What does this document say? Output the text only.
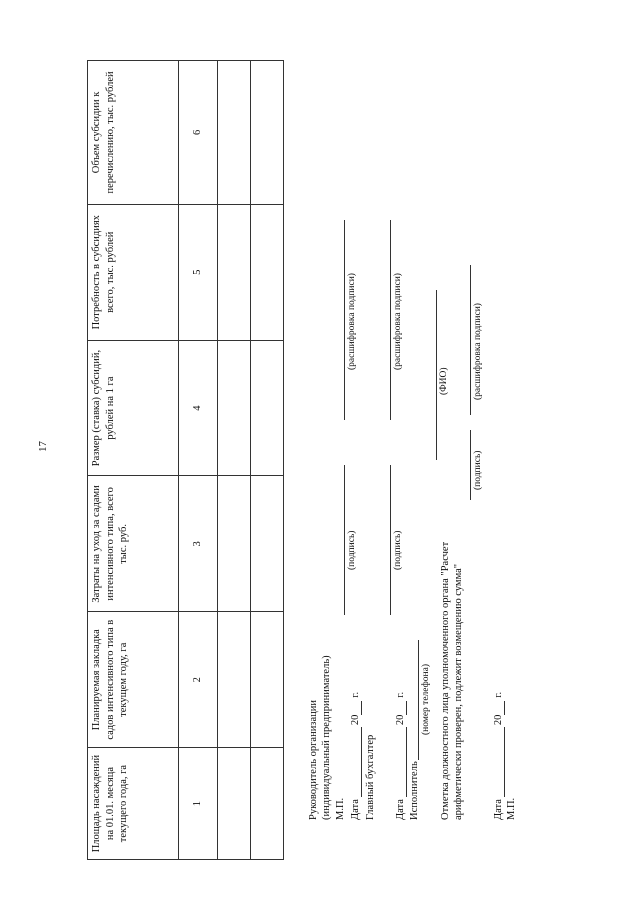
17
Площадь насаждений на 01.01. месяца текущего года, га	Планируемая закладка садов интенсивного типа в текущем году, га	Затраты на уход за садами интенсивного типа, всего тыс. руб.	Размер (ставка) субсидий, рублей на 1 га	Потребность в субсидиях всего, тыс. рублей	Объем субсидии к перечислению, тыс. рублей
1	2	3	4	5	6

Руководитель организации (индивидуальный предприниматель) М.П.
(подпись)
(расшифровка подписи)
Дата
20
г.
Главный бухгалтер
(подпись)
(расшифровка подписи)
Дата
20
г.
Исполнитель
(номер телефона)
(ФИО)
Отметка должностного лица уполномоченного органа "Расчет арифметически проверен, подлежит возмещению сумма"
(подпись)
(расшифровка подписи)
Дата
20
г.
М.П.
